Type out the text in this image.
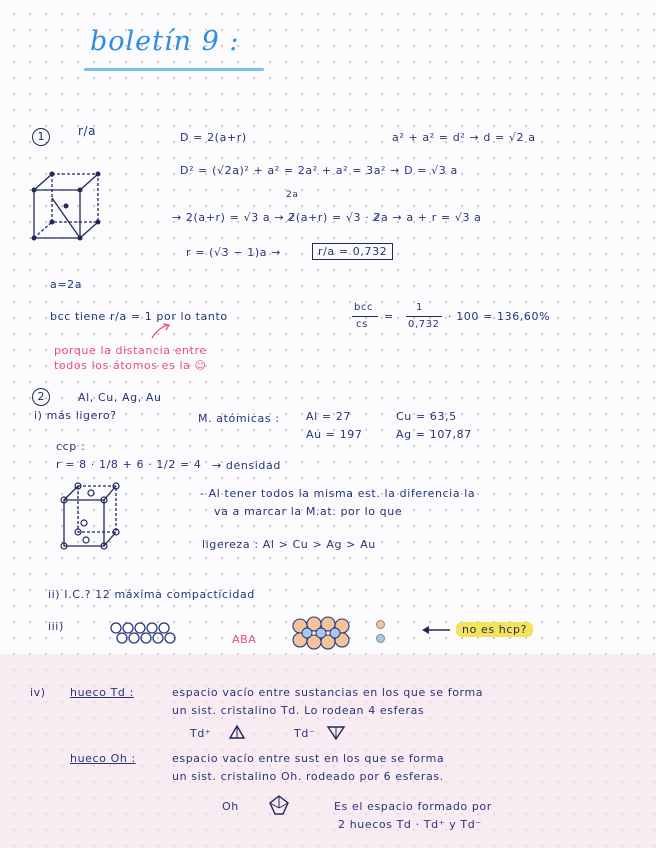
boletín 9 :
1	r/a	D = 2(a+r)	a² + a² = d² → d = √2 a
D² = (√2a)² + a² = 2a² + a² = 3a² → D = √3 a
2a
→ 2(a+r) = √3 a → 2̸(a+r) = √3 · 2̸a → a + r = √3 a
r = (√3 − 1)a →	r/a = 0,732
a=2a
bcc tiene r/a = 1 por lo tanto
bcc
cs
=
1
0,732
· 100 = 136,60%
porque la distancia entre
todos los átomos es la ☺
2	Al, Cu, Ag, Au
i) más ligero?	M. atómicas : Al = 27	Cu = 63,5
Au = 197	Ag = 107,87
ccp :
r = 8 · 1/8 + 6 · 1/2 = 4 → densidad
- Al tener todos la misma est. la diferencia la
va a marcar la M.at. por lo que
ligereza : Al > Cu > Ag > Au
ii) I.C.? 12 máxima compacticidad
iii)
ABA
no es hcp?
iv) hueco Td :	espacio vacío entre sustancias en los que se forma
un sist. cristalino Td. Lo rodean 4 esferas
Td⁺	Td⁻
hueco Oh :	espacio vacío entre sust en los que se forma
un sist. cristalino Oh. rodeado por 6 esferas.
Oh	Es el espacio formado por
2 huecos Td · Td⁺ y Td⁻
